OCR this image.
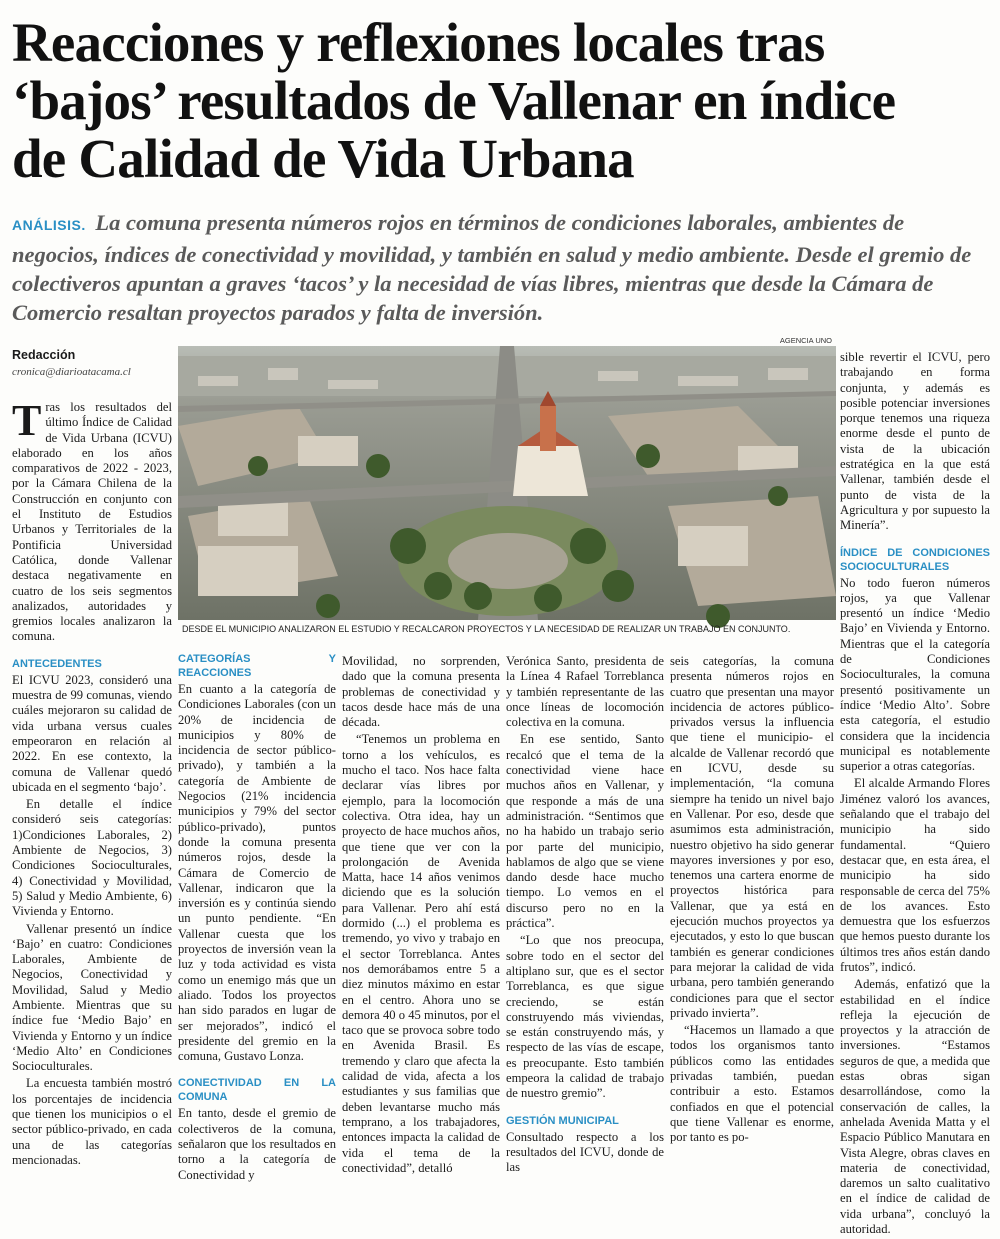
Reacciones y reflexiones locales tras
‘bajos’ resultados de Vallenar en índice
de Calidad de Vida Urbana
ANÁLISIS. La comuna presenta números rojos en términos de condiciones laborales, ambientes de negocios, índices de conectividad y movilidad, y también en salud y medio ambiente. Desde el gremio de colectiveros apuntan a graves ‘tacos’ y la necesidad de vías libres, mientras que desde la Cámara de Comercio resaltan proyectos parados y falta de inversión.
Redacción
cronica@diarioatacama.cl
AGENCIA UNO
DESDE EL MUNICIPIO ANALIZARON EL ESTUDIO Y RECALCARON PROYECTOS Y LA NECESIDAD DE REALIZAR UN TRABAJO EN CONJUNTO.

Tras los resultados del último Índice de Calidad de Vida Urbana (ICVU) elaborado en los años comparativos de 2022 - 2023, por la Cámara Chilena de la Construcción en conjunto con el Instituto de Estudios Urbanos y Territoriales de la Pontificia Universidad Católica, donde Vallenar destaca negativamente en cuatro de los seis segmentos analizados, autoridades y gremios locales analizaron la comuna.

ANTECEDENTES

El ICVU 2023, consideró una muestra de 99 comunas, viendo cuáles mejoraron su calidad de vida urbana versus cuales empeoraron en relación al 2022. En ese contexto, la comuna de Vallenar quedó ubicada en el segmento ‘bajo’.

En detalle el índice consideró seis categorías: 1)Condiciones Laborales, 2) Ambiente de Negocios, 3) Condiciones Socioculturales, 4) Conectividad y Movilidad, 5) Salud y Medio Ambiente, 6) Vivienda y Entorno.

Vallenar presentó un índice ‘Bajo’ en cuatro: Condiciones Laborales, Ambiente de Negocios, Conectividad y Movilidad, Salud y Medio Ambiente. Mientras que su índice fue ‘Medio Bajo’ en Vivienda y Entorno y un índice ‘Medio Alto’ en Condiciones Socioculturales.

La encuesta también mostró los porcentajes de incidencia que tienen los municipios o el sector público-privado, en cada una de las categorías mencionadas.

CATEGORÍAS Y REACCIONES

En cuanto a la categoría de Condiciones Laborales (con un 20% de incidencia de municipios y 80% de incidencia de sector público-privado), y también a la categoría de Ambiente de Negocios (21% incidencia municipios y 79% del sector público-privado), puntos donde la comuna presenta números rojos, desde la Cámara de Comercio de Vallenar, indicaron que la inversión es y continúa siendo un punto pendiente. “En Vallenar cuesta que los proyectos de inversión vean la luz y toda actividad es vista como un enemigo más que un aliado. Todos los proyectos han sido parados en lugar de ser mejorados”, indicó el presidente del gremio en la comuna, Gustavo Lonza.

CONECTIVIDAD EN LA COMUNA

En tanto, desde el gremio de colectiveros de la comuna, señalaron que los resultados en torno a la categoría de Conectividad y

Movilidad, no sorprenden, dado que la comuna presenta problemas de conectividad y tacos desde hace más de una década.

“Tenemos un problema en torno a los vehículos, es mucho el taco. Nos hace falta declarar vías libres por ejemplo, para la locomoción colectiva. Otra idea, hay un proyecto de hace muchos años, que tiene que ver con la prolongación de Avenida Matta, hace 14 años venimos diciendo que es la solución para Vallenar. Pero ahí está dormido (...) el problema es tremendo, yo vivo y trabajo en el sector Torreblanca. Antes nos demorábamos entre 5 a diez minutos máximo en estar en el centro. Ahora uno se demora 40 o 45 minutos, por el taco que se provoca sobre todo en Avenida Brasil. Es tremendo y claro que afecta la calidad de vida, afecta a los estudiantes y sus familias que deben levantarse mucho más temprano, a los trabajadores, entonces impacta la calidad de vida el tema de la conectividad”, detalló

Verónica Santo, presidenta de la Línea 4 Rafael Torreblanca y también representante de las once líneas de locomoción colectiva en la comuna.

En ese sentido, Santo recalcó que el tema de la conectividad viene hace muchos años en Vallenar, y que responde a más de una administración. “Sentimos que no ha habido un trabajo serio por parte del municipio, hablamos de algo que se viene dando desde hace mucho tiempo. Lo vemos en el discurso pero no en la práctica”.

“Lo que nos preocupa, sobre todo en el sector del altiplano sur, que es el sector Torreblanca, es que sigue creciendo, se están construyendo más viviendas, se están construyendo más, y respecto de las vías de escape, es preocupante. Esto también empeora la calidad de trabajo de nuestro gremio”.

GESTIÓN MUNICIPAL

Consultado respecto a los resultados del ICVU, donde de las

seis categorías, la comuna presenta números rojos en cuatro que presentan una mayor incidencia de actores público-privados versus la influencia que tiene el municipio- el alcalde de Vallenar recordó que en ICVU, desde su implementación, “la comuna siempre ha tenido un nivel bajo en Vallenar. Por eso, desde que asumimos esta administración, nuestro objetivo ha sido generar mayores inversiones y por eso, tenemos una cartera enorme de proyectos histórica para Vallenar, que ya está en ejecución muchos proyectos ya ejecutados, y esto lo que buscan también es generar condiciones para mejorar la calidad de vida urbana, pero también generando condiciones para que el sector privado invierta”.

“Hacemos un llamado a que todos los organismos tanto públicos como las entidades privadas también, puedan contribuir a esto. Estamos confiados en que el potencial que tiene Vallenar es enorme, por tanto es po-

sible revertir el ICVU, pero trabajando en forma conjunta, y además es posible potenciar inversiones porque tenemos una riqueza enorme desde el punto de vista de la ubicación estratégica en la que está Vallenar, también desde el punto de vista de la Agricultura y por supuesto la Minería”.

ÍNDICE DE CONDICIONES SOCIOCULTURALES

No todo fueron números rojos, ya que Vallenar presentó un índice ‘Medio Bajo’ en Vivienda y Entorno. Mientras que el la categoría de Condiciones Socioculturales, la comuna presentó positivamente un índice ‘Medio Alto’. Sobre esta categoría, el estudio considera que la incidencia municipal es notablemente superior a otras categorías.

El alcalde Armando Flores Jiménez valoró los avances, señalando que el trabajo del municipio ha sido fundamental. “Quiero destacar que, en esta área, el municipio ha sido responsable de cerca del 75% de los avances. Esto demuestra que los esfuerzos que hemos puesto durante los últimos tres años están dando frutos”, indicó.

Además, enfatizó que la estabilidad en el índice refleja la ejecución de proyectos y la atracción de inversiones. “Estamos seguros de que, a medida que estas obras sigan desarrollándose, como la conservación de calles, la anhelada Avenida Matta y el Espacio Público Manutara en Vista Alegre, obras claves en materia de conectividad, daremos un salto cualitativo en el índice de calidad de vida urbana”, concluyó la autoridad.
